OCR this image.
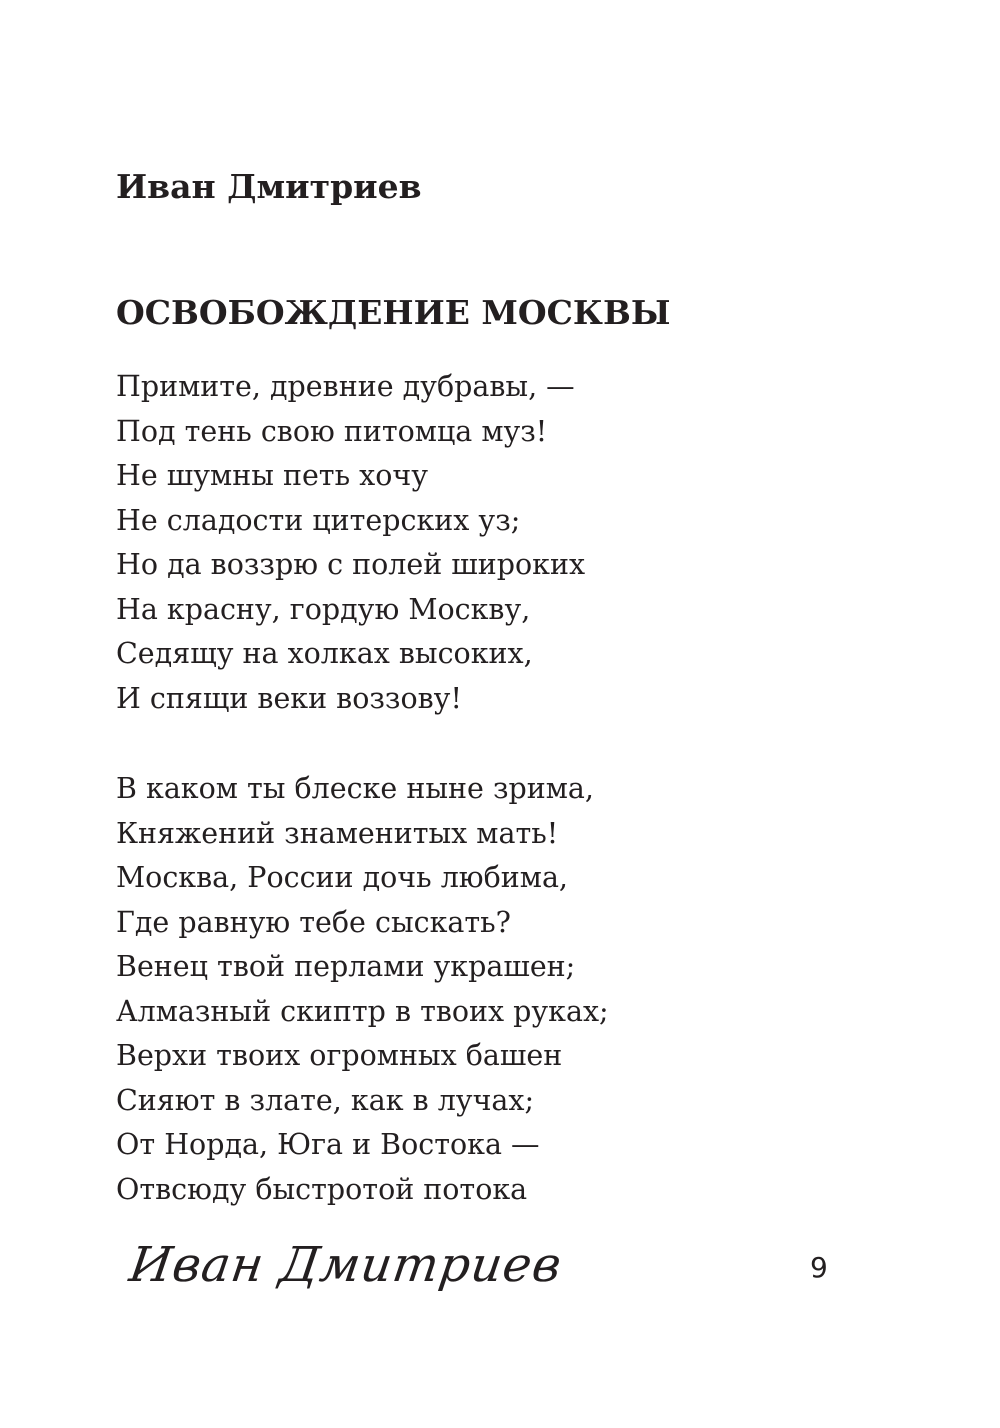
Иван Дмитриев
ОСВОБОЖДЕНИЕ МОСКВЫ
Примите, древние дубравы, —
Под тень свою питомца муз!
Не шумны петь хочу
Не сладости цитерских уз;
Но да воззрю с полей широких
На красну, гордую Москву,
Седящу на холках высоких,
И спящи веки воззову!
В каком ты блеске ныне зрима,
Княжений знаменитых мать!
Москва, России дочь любима,
Где равную тебе сыскать?
Венец твой перлами украшен;
Алмазный скиптр в твоих руках;
Верхи твоих огромных башен
Сияют в злате, как в лучах;
От Норда, Юга и Востока —
Отвсюду быстротой потока
Иван Дмитриев	9
